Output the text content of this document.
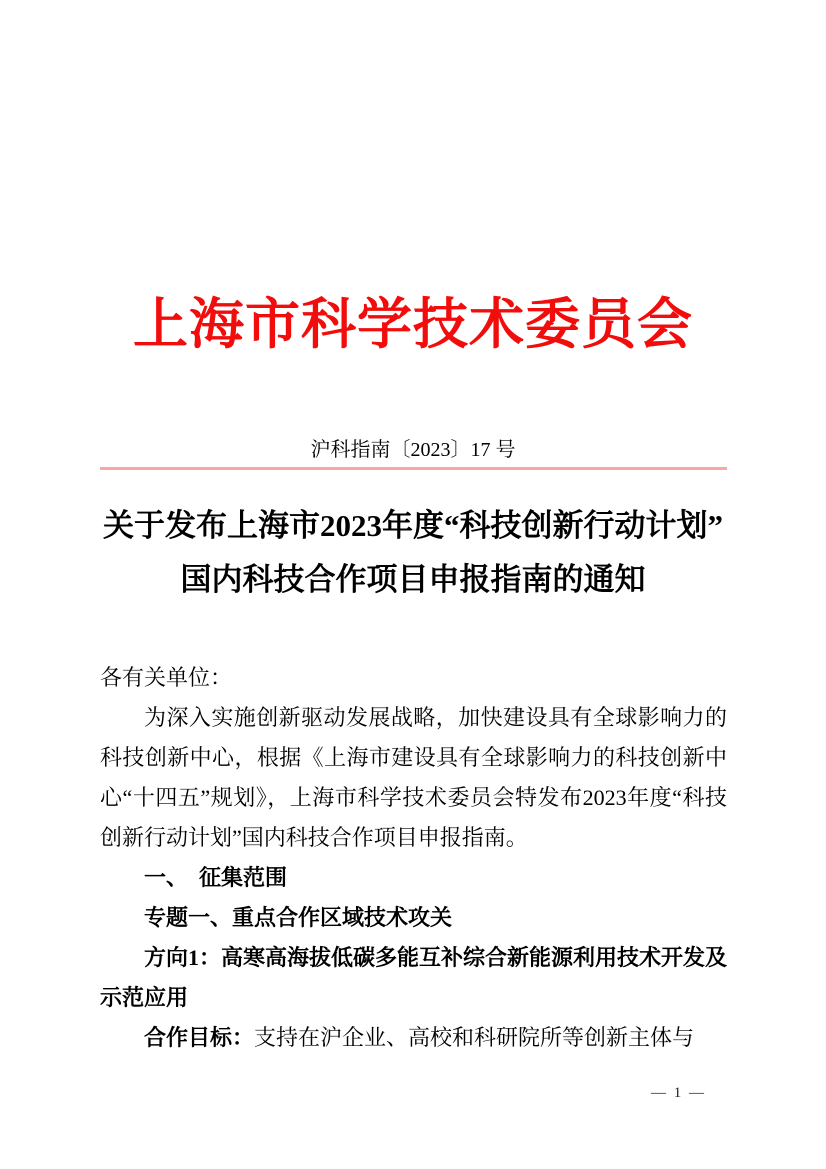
上海市科学技术委员会
沪科指南〔2023〕17 号
关于发布上海市2023年度“科技创新行动计划”
国内科技合作项目申报指南的通知

各有关单位：

为深入实施创新驱动发展战略，加快建设具有全球影响力的科技创新中心，根据《上海市建设具有全球影响力的科技创新中心“十四五”规划》，上海市科学技术委员会特发布2023年度“科技创新行动计划”国内科技合作项目申报指南。

一、　征集范围

专题一、重点合作区域技术攻关

方向1：高寒高海拔低碳多能互补综合新能源利用技术开发及示范应用

合作目标：支持在沪企业、高校和科研院所等创新主体与

— 1 —
